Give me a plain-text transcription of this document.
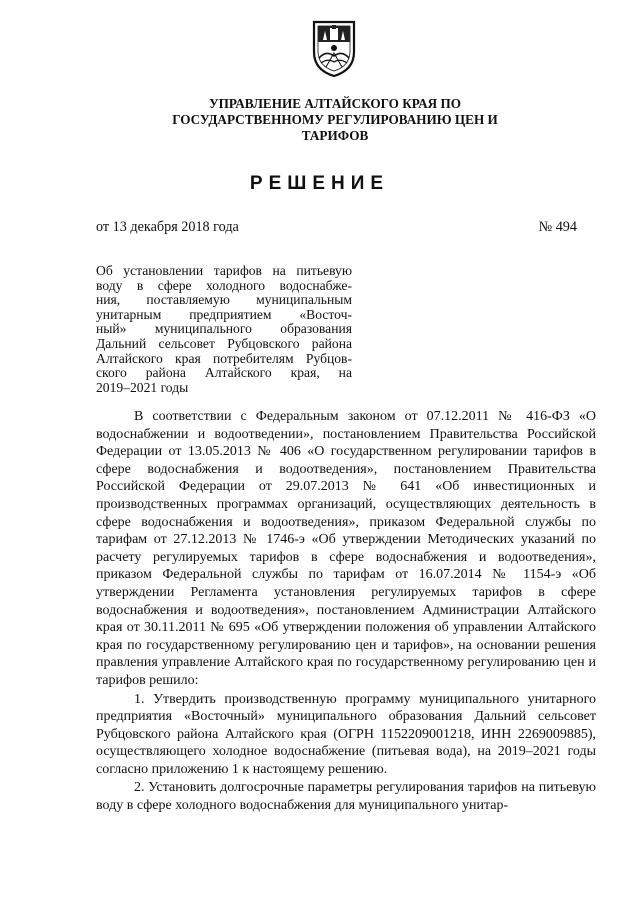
УПРАВЛЕНИЕ АЛТАЙСКОГО КРАЯ ПО ГОСУДАРСТВЕННОМУ РЕГУЛИРОВАНИЮ ЦЕН И ТАРИФОВ
РЕШЕНИЕ
от 13 декабря 2018 года	№ 494
Об установлении тарифов на питьевую
воду в сфере холодного водоснабже-
ния, поставляемую муниципальным
унитарным предприятием «Восточ-
ный» муниципального образования
Дальний сельсовет Рубцовского района
Алтайского края потребителям Рубцов-
ского района Алтайского края, на
2019–2021 годы

В соответствии с Федеральным законом от 07.12.2011 № 416-ФЗ «О водоснабжении и водоотведении», постановлением Правительства Российской Федерации от 13.05.2013 № 406 «О государственном регулировании тарифов в сфере водоснабжения и водоотведения», постановлением Правительства Российской Федерации от 29.07.2013 № 641 «Об инвестиционных и производственных программах организаций, осуществляющих деятельность в сфере водоснабжения и водоотведения», приказом Федеральной службы по тарифам от 27.12.2013 № 1746-э «Об утверждении Методических указаний по расчету регулируемых тарифов в сфере водоснабжения и водоотведения», приказом Федеральной службы по тарифам от 16.07.2014 № 1154-э «Об утверждении Регламента установления регулируемых тарифов в сфере водоснабжения и водоотведения», постановлением Администрации Алтайского края от 30.11.2011 № 695 «Об утверждении положения об управлении Алтайского края по государственному регулированию цен и тарифов», на основании решения правления управление Алтайского края по государственному регулированию цен и тарифов решило:

1. Утвердить производственную программу муниципального унитарного предприятия «Восточный» муниципального образования Дальний сельсовет Рубцовского района Алтайского края (ОГРН 1152209001218, ИНН 2269009885), осуществляющего холодное водоснабжение (питьевая вода), на 2019–2021 годы согласно приложению 1 к настоящему решению.

2. Установить долгосрочные параметры регулирования тарифов на питьевую воду в сфере холодного водоснабжения для муниципального унитар-
